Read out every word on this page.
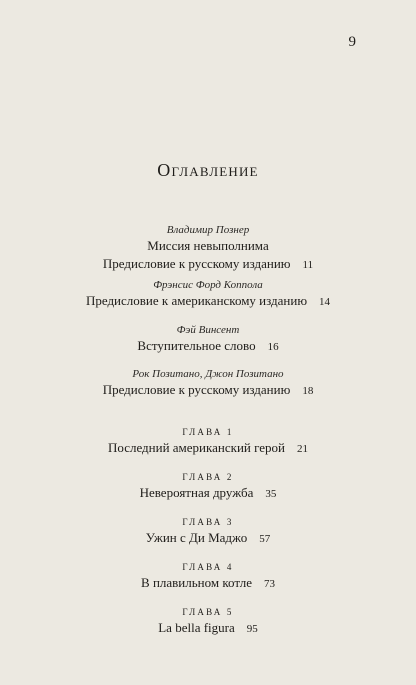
9
Оглавление
Владимир Познер
Миссия невыполнима
Предисловие к русскому изданию 11
Фрэнсис Форд Коппола
Предисловие к американскому изданию 14
Фэй Винсент
Вступительное слово 16
Рок Позитано, Джон Позитано
Предисловие к русскому изданию 18
ГЛАВА 1
Последний американский герой 21
ГЛАВА 2
Невероятная дружба 35
ГЛАВА 3
Ужин с Ди Маджо 57
ГЛАВА 4
В плавильном котле 73
ГЛАВА 5
La bella figura 95
